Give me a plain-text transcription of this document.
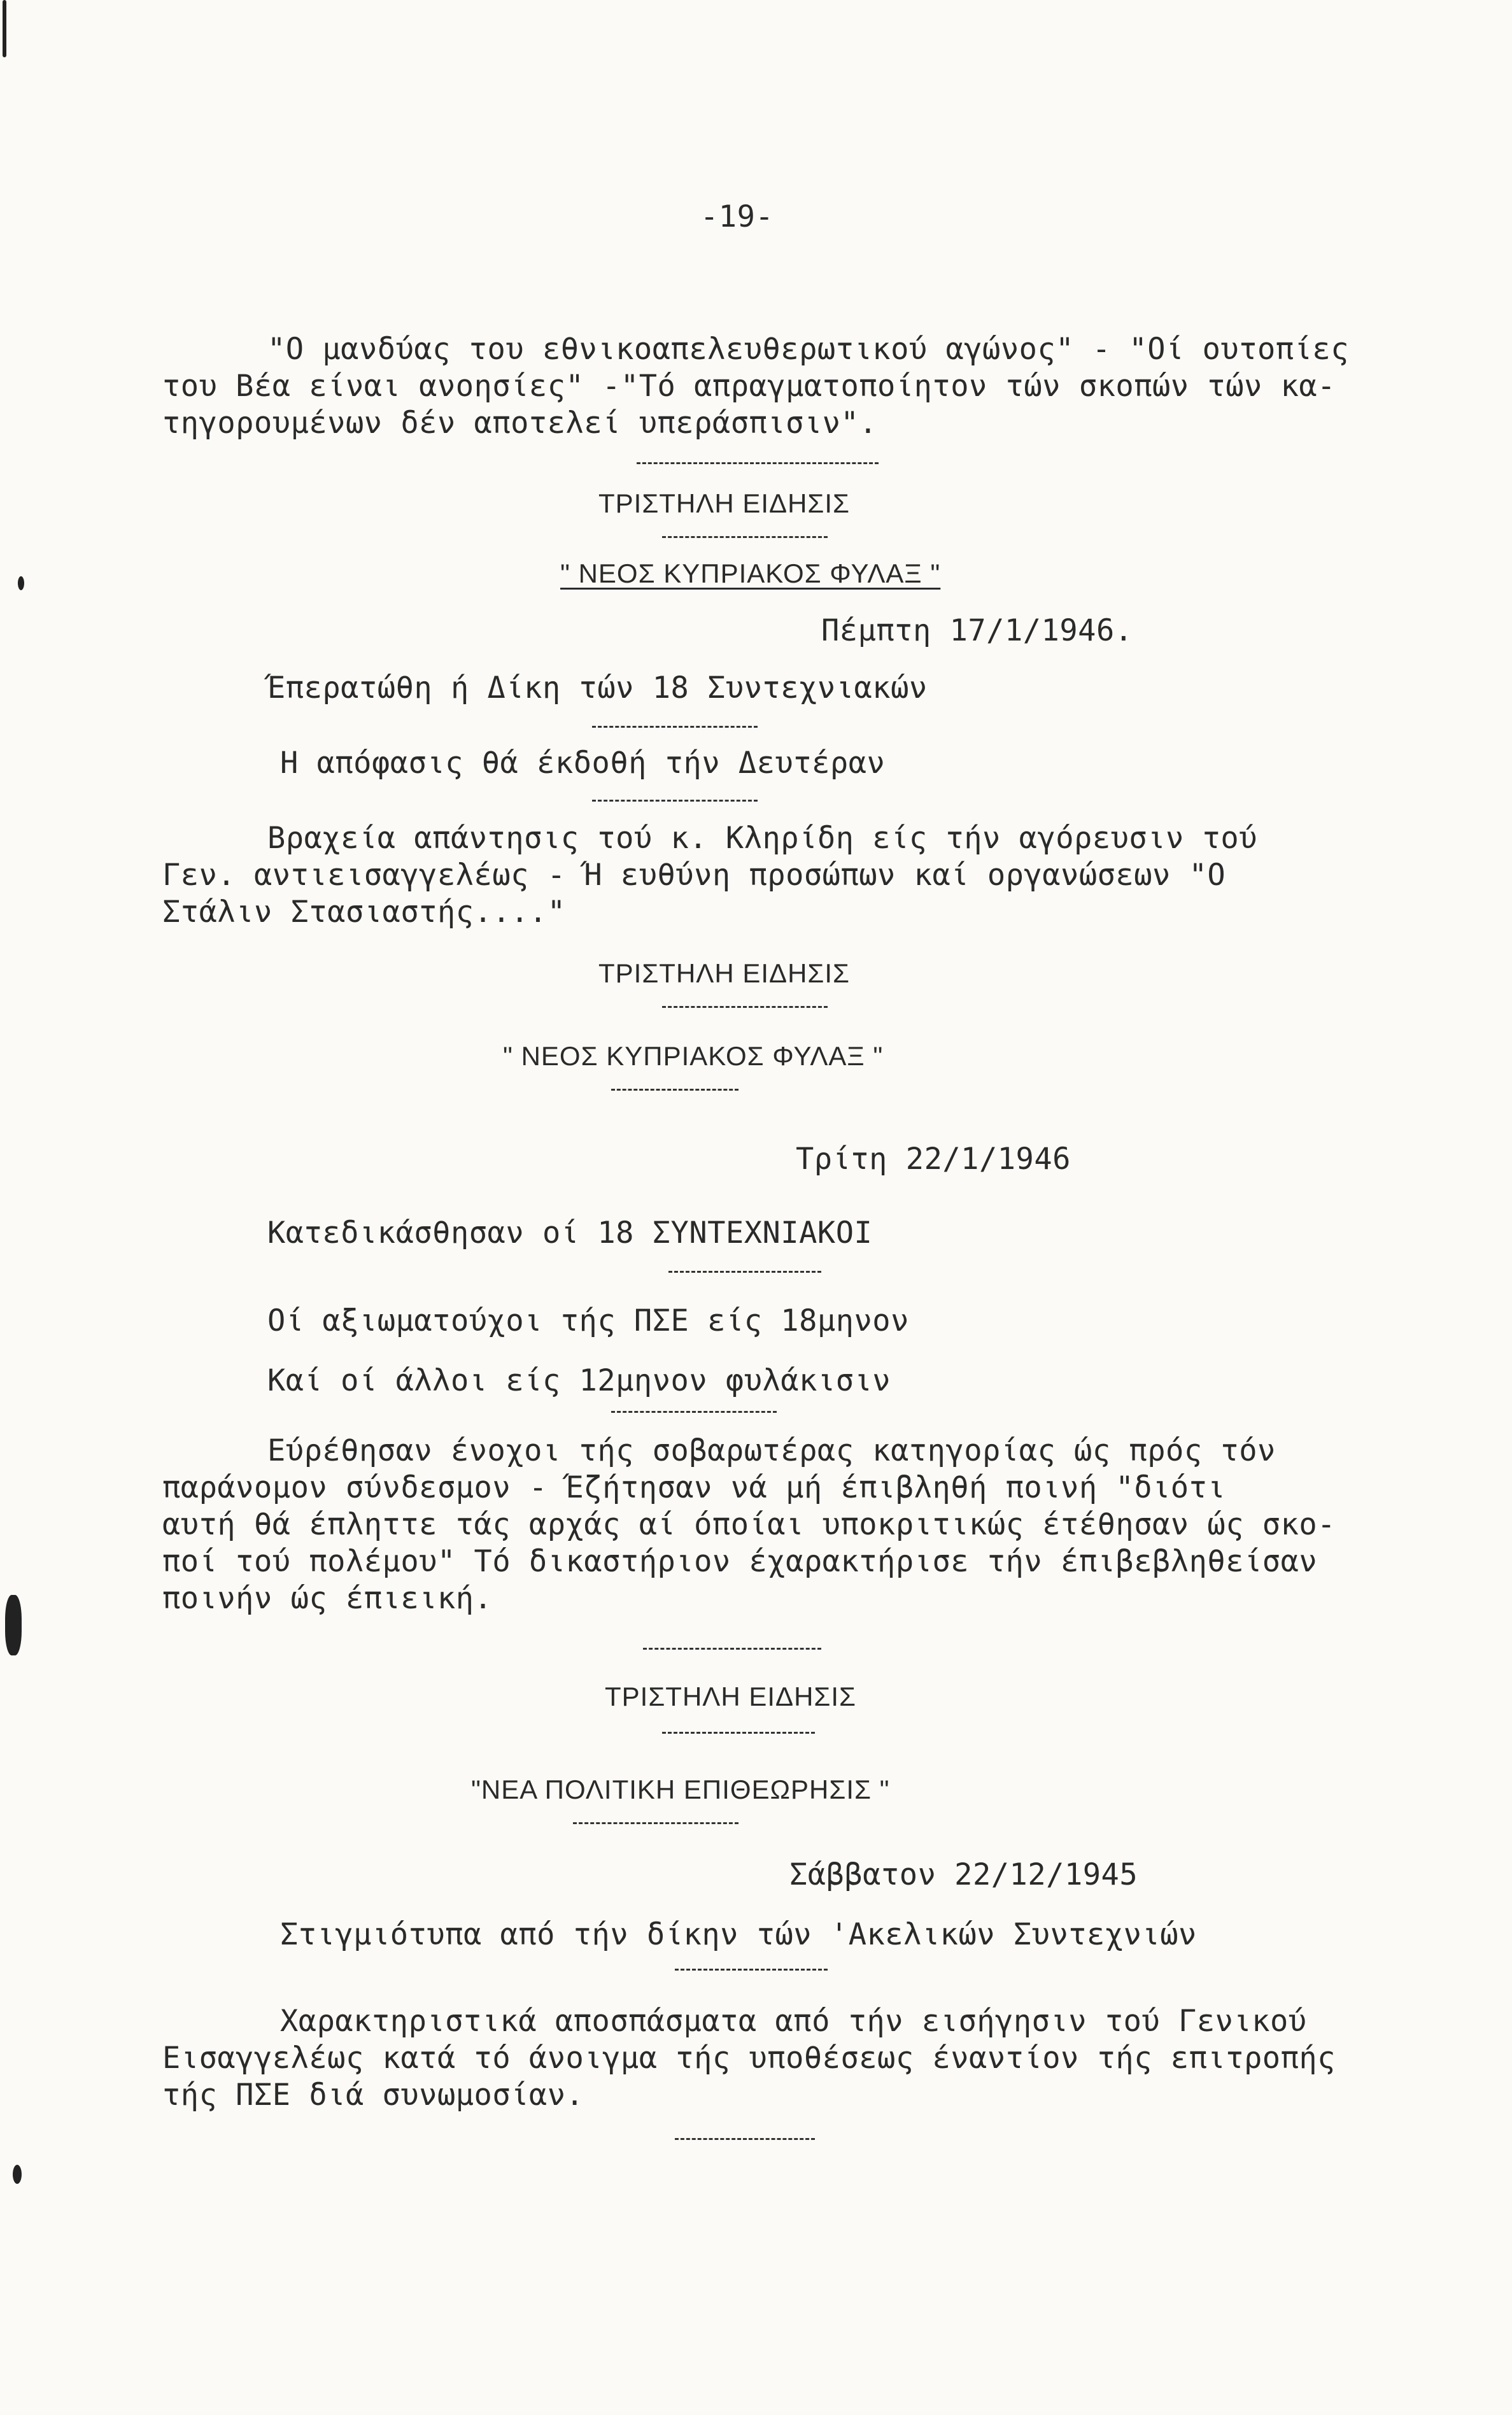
-19-
"Ο μανδύας του εθνικοαπελευθερωτικού αγώνος" - "Οί ουτοπίες
του Βέα είναι ανοησίες" -"Τό απραγματοποίητον τών σκοπών τών κα-
τηγορουμένων δέν αποτελεί υπεράσπισιν".
ΤΡΙΣΤΗΛΗ ΕΙΔΗΣΙΣ
" ΝΕΟΣ ΚΥΠΡΙΑΚΟΣ ΦΥΛΑΞ "
Πέμπτη 17/1/1946.
Έπερατώθη ή Δίκη τών 18 Συντεχνιακών
Η απόφασις θά έκδοθή τήν Δευτέραν
Βραχεία απάντησις τού κ. Κληρίδη είς τήν αγόρευσιν τού
Γεν. αντιεισαγγελέως - Ή ευθύνη προσώπων καί οργανώσεων "Ο
Στάλιν Στασιαστής...."
ΤΡΙΣΤΗΛΗ ΕΙΔΗΣΙΣ
" ΝΕΟΣ ΚΥΠΡΙΑΚΟΣ ΦΥΛΑΞ "
Τρίτη 22/1/1946
Κατεδικάσθησαν οί 18 ΣΥΝΤΕΧΝΙΑΚΟΙ
Οί αξιωματούχοι τής ΠΣΕ είς 18μηνον
Καί οί άλλοι είς 12μηνον φυλάκισιν
Εύρέθησαν ένοχοι τής σοβαρωτέρας κατηγορίας ώς πρός τόν
παράνομον σύνδεσμον - Έζήτησαν νά μή έπιβληθή ποινή "διότι
αυτή θά έπληττε τάς αρχάς αί όποίαι υποκριτικώς έτέθησαν ώς σκο-
ποί τού πολέμου" Τό δικαστήριον έχαρακτήρισε τήν έπιβεβληθείσαν
ποινήν ώς έπιεική.
ΤΡΙΣΤΗΛΗ ΕΙΔΗΣΙΣ
"ΝΕΑ ΠΟΛΙΤΙΚΗ ΕΠΙΘΕΩΡΗΣΙΣ "
Σάββατον 22/12/1945
Στιγμιότυπα από τήν δίκην τών 'Ακελικών Συντεχνιών
Χαρακτηριστικά αποσπάσματα από τήν εισήγησιν τού Γενικού
Εισαγγελέως κατά τό άνοιγμα τής υποθέσεως έναντίον τής επιτροπής
τής ΠΣΕ διά συνωμοσίαν.
